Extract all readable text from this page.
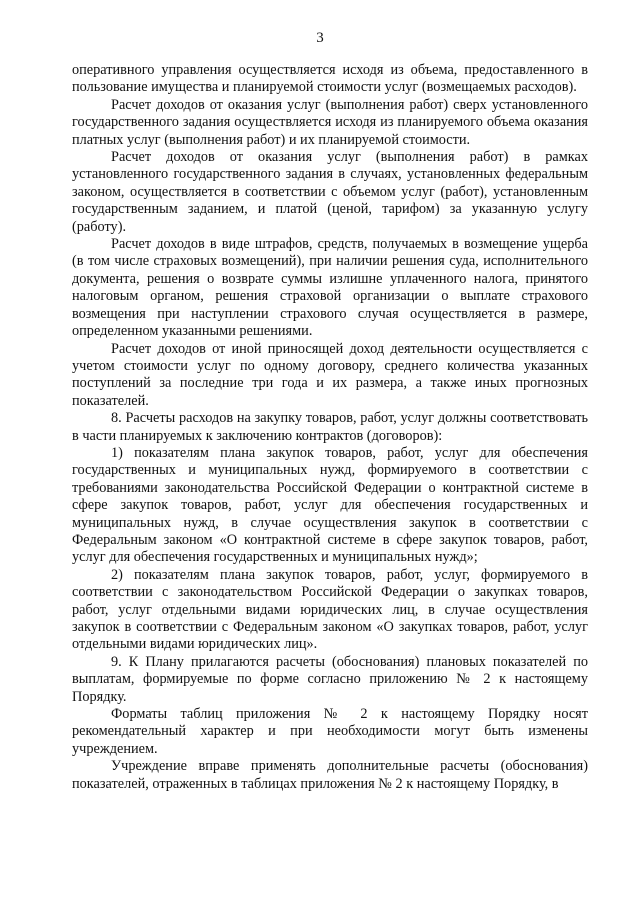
3

оперативного управления осуществляется исходя из объема, предоставленного в пользование имущества и планируемой стоимости услуг (возмещаемых расходов).

Расчет доходов от оказания услуг (выполнения работ) сверх установленного государственного задания осуществляется исходя из планируемого объема оказания платных услуг (выполнения работ) и их планируемой стоимости.

Расчет доходов от оказания услуг (выполнения работ) в рамках установленного государственного задания в случаях, установленных федеральным законом, осуществляется в соответствии с объемом услуг (работ), установленным государственным заданием, и платой (ценой, тарифом) за указанную услугу (работу).

Расчет доходов в виде штрафов, средств, получаемых в возмещение ущерба (в том числе страховых возмещений), при наличии решения суда, исполнительного документа, решения о возврате суммы излишне уплаченного налога, принятого налоговым органом, решения страховой организации о выплате страхового возмещения при наступлении страхового случая осуществляется в размере, определенном указанными решениями.

Расчет доходов от иной приносящей доход деятельности осуществляется с учетом стоимости услуг по одному договору, среднего количества указанных поступлений за последние три года и их размера, а также иных прогнозных показателей.

8. Расчеты расходов на закупку товаров, работ, услуг должны соответствовать в части планируемых к заключению контрактов (договоров):

1) показателям плана закупок товаров, работ, услуг для обеспечения государственных и муниципальных нужд, формируемого в соответствии с требованиями законодательства Российской Федерации о контрактной системе в сфере закупок товаров, работ, услуг для обеспечения государственных и муниципальных нужд, в случае осуществления закупок в соответствии с Федеральным законом «О контрактной системе в сфере закупок товаров, работ, услуг для обеспечения государственных и муниципальных нужд»;

2) показателям плана закупок товаров, работ, услуг, формируемого в соответствии с законодательством Российской Федерации о закупках товаров, работ, услуг отдельными видами юридических лиц, в случае осуществления закупок в соответствии с Федеральным законом «О закупках товаров, работ, услуг отдельными видами юридических лиц».

9. К Плану прилагаются расчеты (обоснования) плановых показателей по выплатам, формируемые по форме согласно приложению № 2 к настоящему Порядку.

Форматы таблиц приложения № 2 к настоящему Порядку носят рекомендательный характер и при необходимости могут быть изменены учреждением.

Учреждение вправе применять дополнительные расчеты (обоснования) показателей, отраженных в таблицах приложения № 2 к настоящему Порядку, в
